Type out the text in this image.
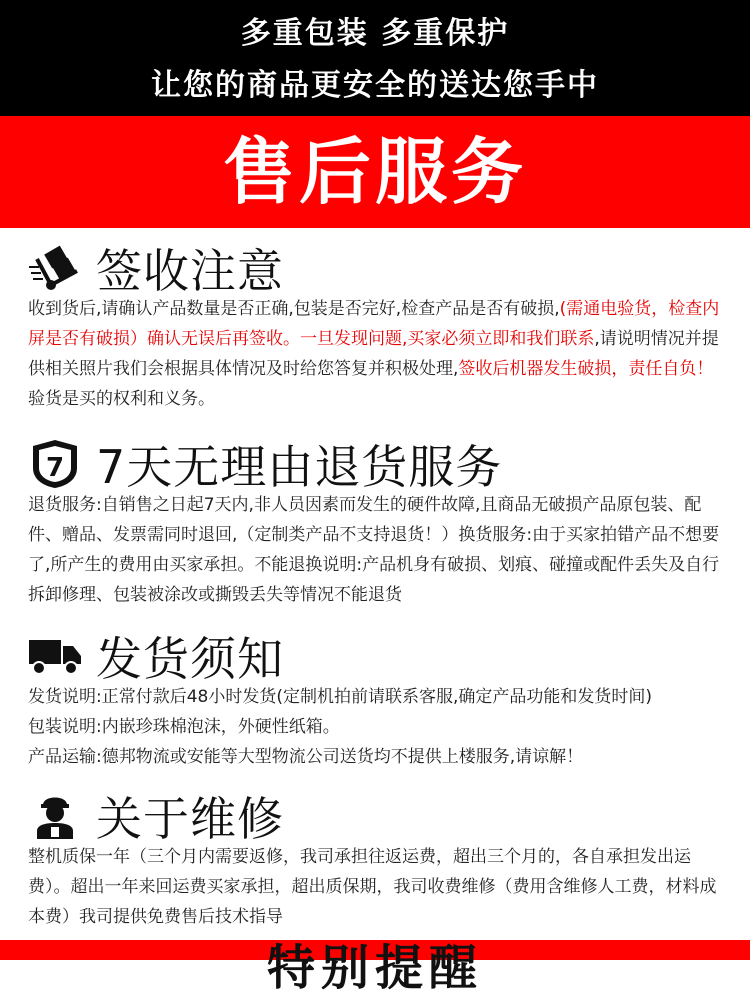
多重包装 多重保护
让您的商品更安全的送达您手中
售后服务
签收注意
收到货后,请确认产品数量是否正确,包装是否完好,检查产品是否有破损,(需通电验货，检查内屏是否有破损）确认无误后再签收。一旦发现问题,买家必须立即和我们联系,请说明情况并提供相关照片我们会根据具体情况及时给您答复并积极处理,签收后机器发生破损，责任自负！验货是买的权利和义务。
7 7天无理由退货服务
退货服务:自销售之日起7天内,非人员因素而发生的硬件故障,且商品无破损产品原包装、配件、赠品、发票需同时退回,（定制类产品不支持退货！）换货服务:由于买家拍错产品不想要了,所产生的费用由买家承担。不能退换说明:产品机身有破损、划痕、碰撞或配件丢失及自行拆卸修理、包装被涂改或撕毁丢失等情况不能退货
发货须知
发货说明:正常付款后48小时发货(定制机拍前请联系客服,确定产品功能和发货时间)
包装说明:内嵌珍珠棉泡沫，外硬性纸箱。
产品运输:德邦物流或安能等大型物流公司送货均不提供上楼服务,请谅解！
关于维修
整机质保一年（三个月内需要返修，我司承担往返运费，超出三个月的，各自承担发出运费）。超出一年来回运费买家承担，超出质保期，我司收费维修（费用含维修人工费，材料成本费）我司提供免费售后技术指导
特别提醒
